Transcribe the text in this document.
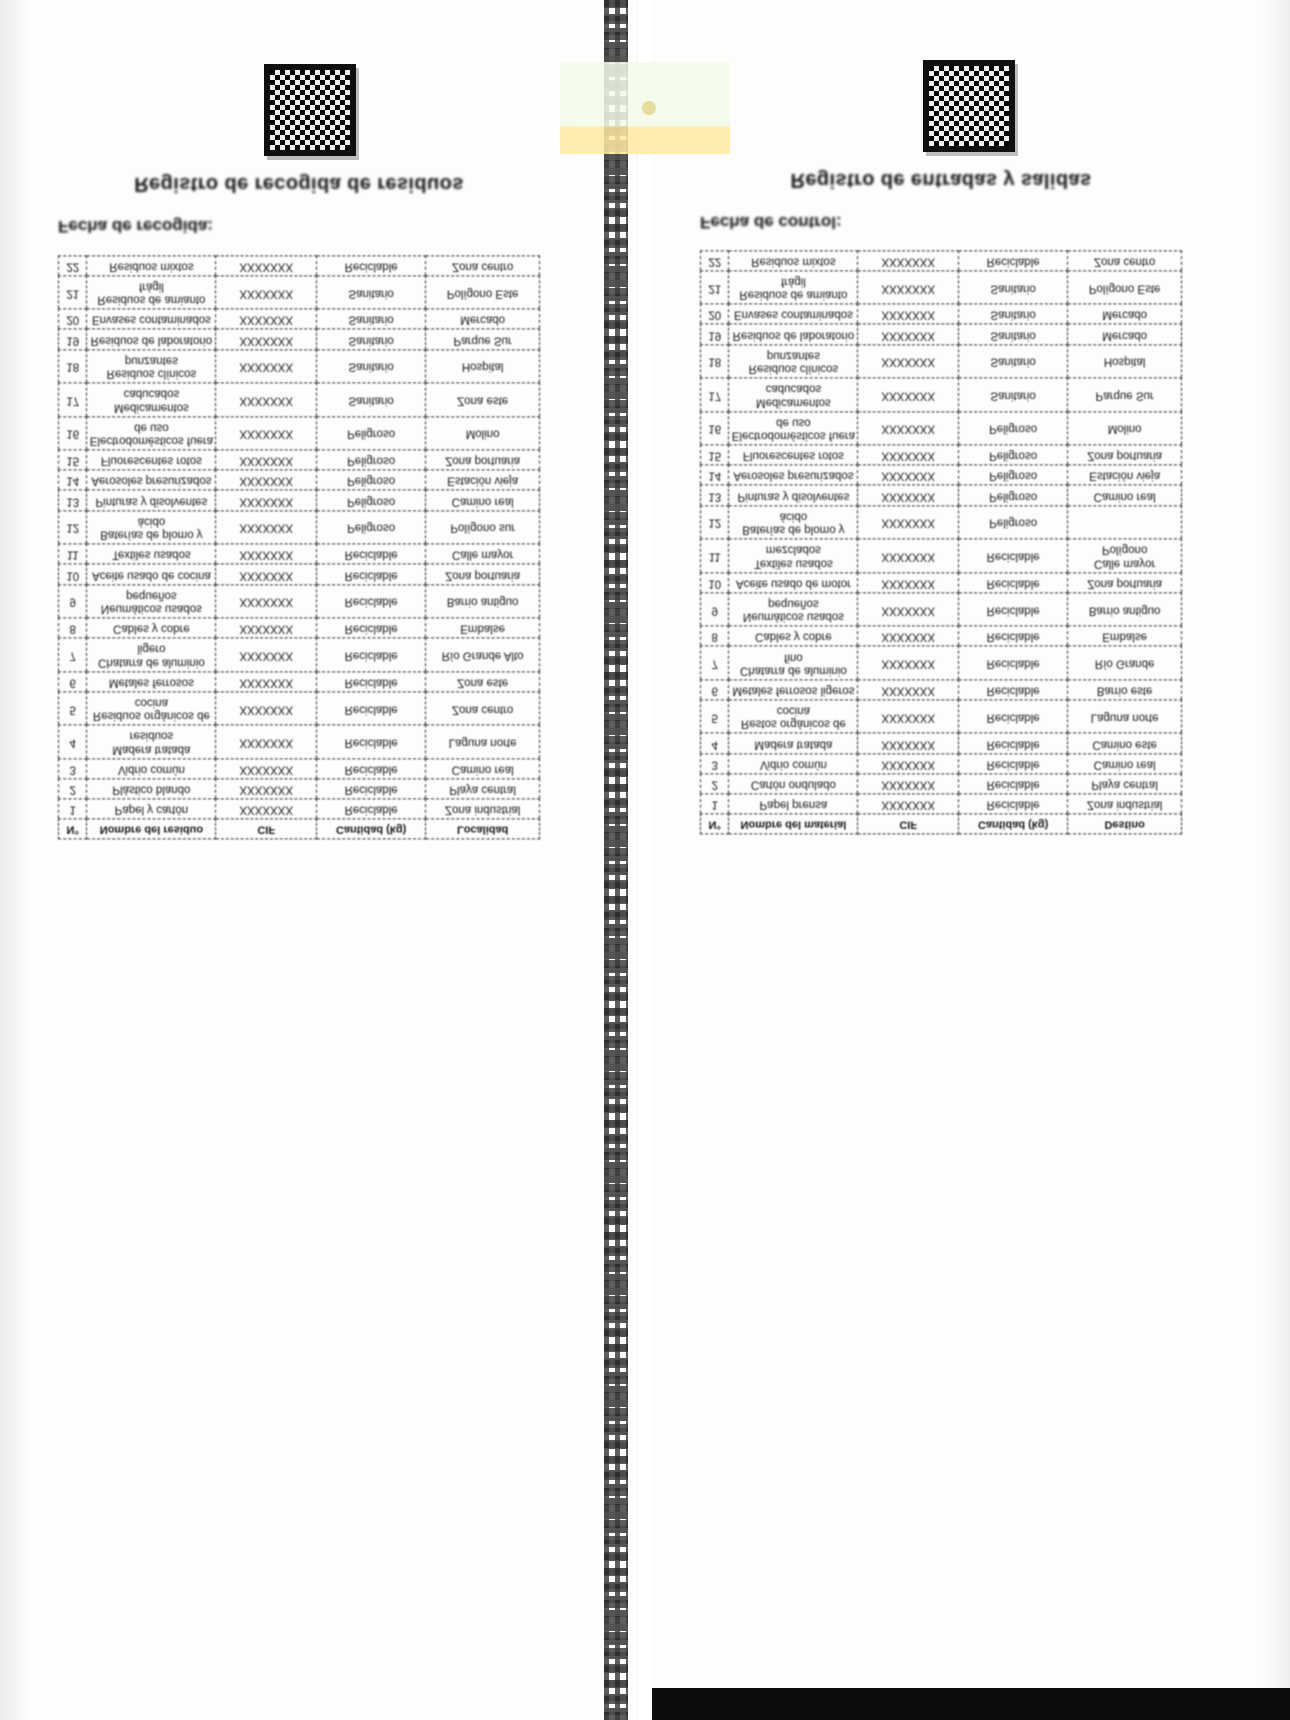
Registro de recogida de residuos
Fecha de recogida:
N°	Nombre del residuo	CIF	Cantidad (kg)	Localidad
1	Papel y cartón	XXXXXXX	Reciclable	Zona industrial
2	Plástico blando	XXXXXXX	Reciclable	Playa central
3	Vidrio común	XXXXXXX	Reciclable	Camino real
4	Madera tratada residuos	XXXXXXX	Reciclable	Laguna norte
5	Residuos orgánicos de cocina	XXXXXXX	Reciclable	Zona centro
6	Metales ferrosos	XXXXXXX	Reciclable	Zona este
7	Chatarra de aluminio ligero	XXXXXXX	Reciclable	Río Grande Alto
8	Cables y cobre	XXXXXXX	Reciclable	Embalse
9	Neumáticos usados pequeños	XXXXXXX	Reciclable	Barrio antiguo
10	Aceite usado de cocina	XXXXXXX	Reciclable	Zona portuaria
11	Textiles usados	XXXXXXX	Reciclable	Calle mayor
12	Baterías de plomo y ácido	XXXXXXX	Peligroso	Polígono sur
13	Pinturas y disolventes	XXXXXXX	Peligroso	Camino real
14	Aerosoles presurizados	XXXXXXX	Peligroso	Estación vieja
15	Fluorescentes rotos	XXXXXXX	Peligroso	Zona portuaria
16	Electrodomésticos fuera de uso	XXXXXXX	Peligroso	Molino
17	Medicamentos caducados	XXXXXXX	Sanitario	Zona este
18	Residuos clínicos punzantes	XXXXXXX	Sanitario	Hospital
19	Residuos de laboratorio	XXXXXXX	Sanitario	Parque Sur
20	Envases contaminados	XXXXXXX	Sanitario	Mercado
21	Residuos de amianto frágil	XXXXXXX	Sanitario	Polígono Este
22	Residuos mixtos	XXXXXXX	Reciclable	Zona centro
Registro de entradas y salidas
Fecha de control:
N°	Nombre del material	CIF	Cantidad (kg)	Destino
1	Papel prensa	XXXXXXX	Reciclable	Zona industrial
2	Cartón ondulado	XXXXXXX	Reciclable	Playa central
3	Vidrio común	XXXXXXX	Reciclable	Camino real
4	Madera tratada	XXXXXXX	Reciclable	Camino este
5	Restos orgánicos de cocina	XXXXXXX	Reciclable	Laguna norte
6	Metales ferrosos ligeros	XXXXXXX	Reciclable	Barrio este
7	Chatarra de aluminio fino	XXXXXXX	Reciclable	Río Grande
8	Cables y cobre	XXXXXXX	Reciclable	Embalse
9	Neumáticos usados pequeños	XXXXXXX	Reciclable	Barrio antiguo
10	Aceite usado de motor	XXXXXXX	Reciclable	Zona portuaria
11	Textiles usados mezclados	XXXXXXX	Reciclable	Calle mayor Polígono
12	Baterías de plomo y ácido	XXXXXXX	Peligroso	
13	Pinturas y disolventes	XXXXXXX	Peligroso	Camino real
14	Aerosoles presurizados	XXXXXXX	Peligroso	Estación vieja
15	Fluorescentes rotos	XXXXXXX	Peligroso	Zona portuaria
16	Electrodomésticos fuera de uso	XXXXXXX	Peligroso	Molino
17	Medicamentos caducados	XXXXXXX	Sanitario	Parque Sur
18	Residuos clínicos punzantes	XXXXXXX	Sanitario	Hospital
19	Residuos de laboratorio	XXXXXXX	Sanitario	Mercado
20	Envases contaminados	XXXXXXX	Sanitario	Mercado
21	Residuos de amianto frágil	XXXXXXX	Sanitario	Polígono Este
22	Residuos mixtos	XXXXXXX	Reciclable	Zona centro
